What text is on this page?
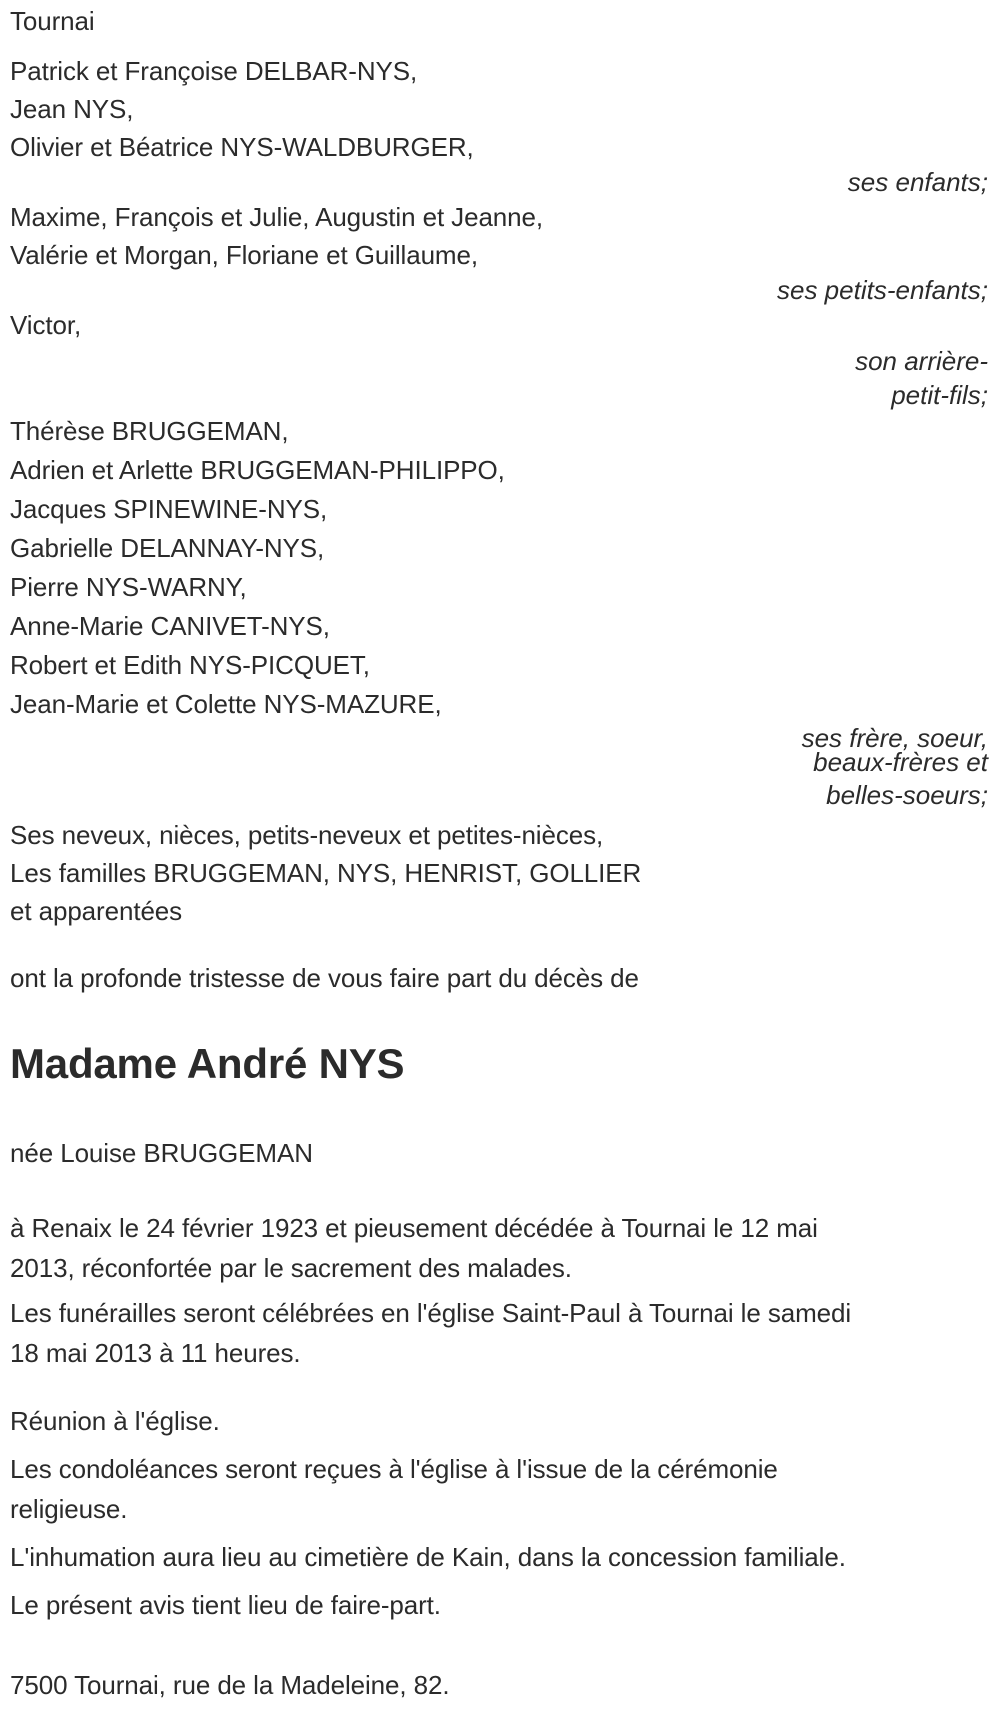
Tournai
Patrick et Françoise DELBAR-NYS,
Jean NYS,
Olivier et Béatrice NYS-WALDBURGER,
ses enfants;
Maxime, François et Julie, Augustin et Jeanne,
Valérie et Morgan, Floriane et Guillaume,
ses petits-enfants;
Victor,
son arrière-
petit-fils;
Thérèse BRUGGEMAN,
Adrien et Arlette BRUGGEMAN-PHILIPPO,
Jacques SPINEWINE-NYS,
Gabrielle DELANNAY-NYS,
Pierre NYS-WARNY,
Anne-Marie CANIVET-NYS,
Robert et Edith NYS-PICQUET,
Jean-Marie et Colette NYS-MAZURE,
ses frère, soeur,
beaux-frères et
belles-soeurs;
Ses neveux, nièces, petits-neveux et petites-nièces,
Les familles BRUGGEMAN, NYS, HENRIST, GOLLIER
et apparentées
ont la profonde tristesse de vous faire part du décès de
Madame André NYS
née Louise BRUGGEMAN
à Renaix le 24 février 1923 et pieusement décédée à Tournai le 12 mai
2013, réconfortée par le sacrement des malades.
Les funérailles seront célébrées en l'église Saint-Paul à Tournai le samedi
18 mai 2013 à 11 heures.
Réunion à l'église.
Les condoléances seront reçues à l'église à l'issue de la cérémonie
religieuse.
L'inhumation aura lieu au cimetière de Kain, dans la concession familiale.
Le présent avis tient lieu de faire-part.
7500 Tournai, rue de la Madeleine, 82.
